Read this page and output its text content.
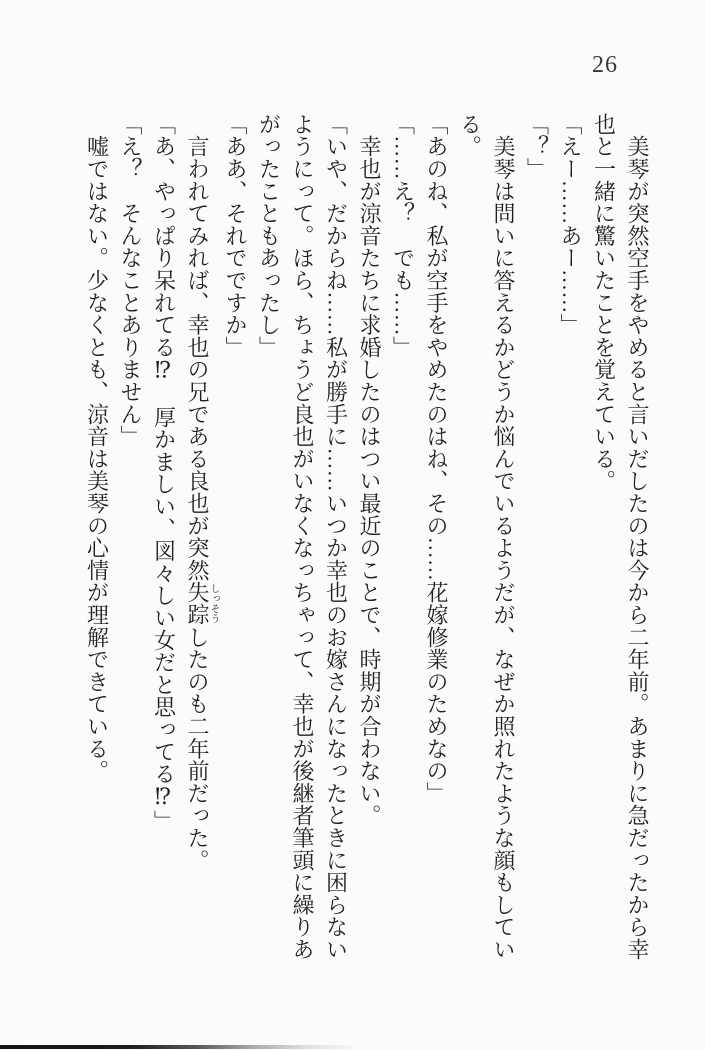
26

　美琴が突然空手をやめると言いだしたのは今から二年前。あまりに急だったから幸

也と一緒に驚いたことを覚えている。

「えー……あー……」

「？」

　美琴は問いに答えるかどうか悩んでいるようだが、なぜか照れたような顔もしてい

る。

「あのね、私が空手をやめたのはね、その……花嫁修業のためなの」

「……え？　でも……」

　幸也が涼音たちに求婚したのはつい最近のことで、時期が合わない。

「いや、だからね……私が勝手に……いつか幸也のお嫁さんになったときに困らない

ようにって。ほら、ちょうど良也がいなくなっちゃって、幸也が後継者筆頭に繰りあ

がったこともあったし」

「ああ、それでですか」

　言われてみれば、幸也の兄である良也が突然失踪しっそうしたのも二年前だった。

「あ、やっぱり呆れてる⁉　厚かましい、図々しい女だと思ってる⁉」

「え？　そんなことありません」

　嘘ではない。少なくとも、涼音は美琴の心情が理解できている。
